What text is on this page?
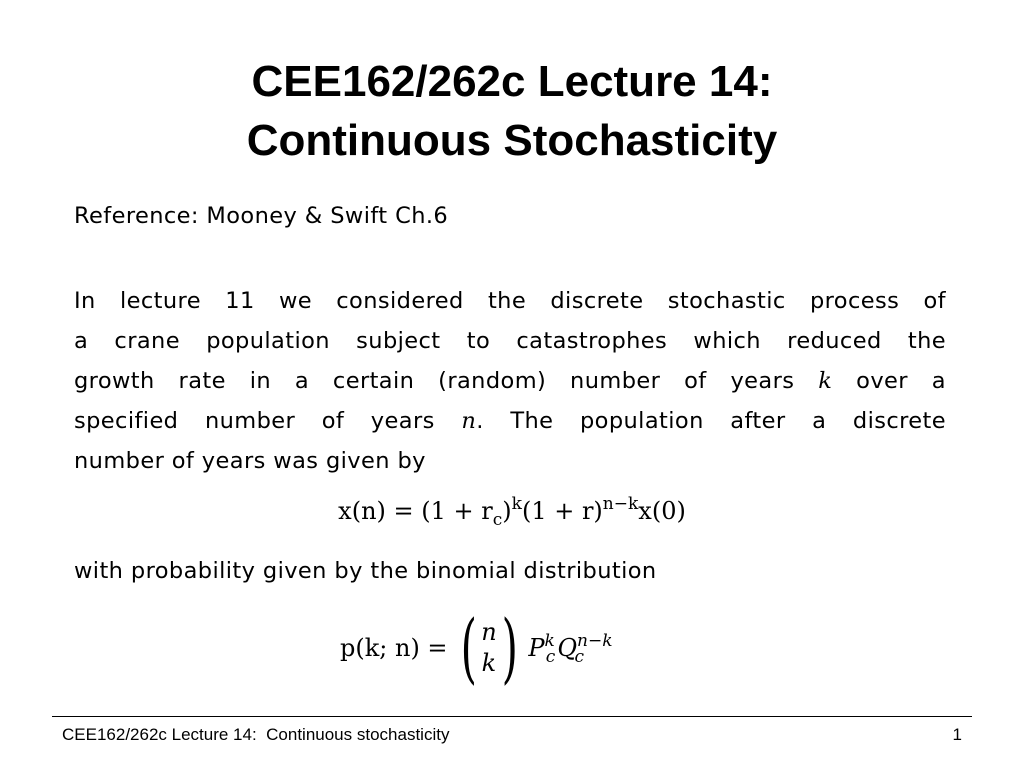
CEE162/262c Lecture 14:
Continuous Stochasticity
Reference: Mooney & Swift Ch.6
In lecture 11 we considered the discrete stochastic process of
a crane population subject to catastrophes which reduced the
growth rate in a certain (random) number of years k over a
specified number of years n. The population after a discrete
number of years was given by
$x(n) = (1 + r_c)^k(1 + r)^{n-k}x(0)$
with probability given by the binomial distribution
p(k; n) = ( n
k ) $P^k_cQ^{n-k}_c$
CEE162/262c Lecture 14:  Continuous stochasticity	1
